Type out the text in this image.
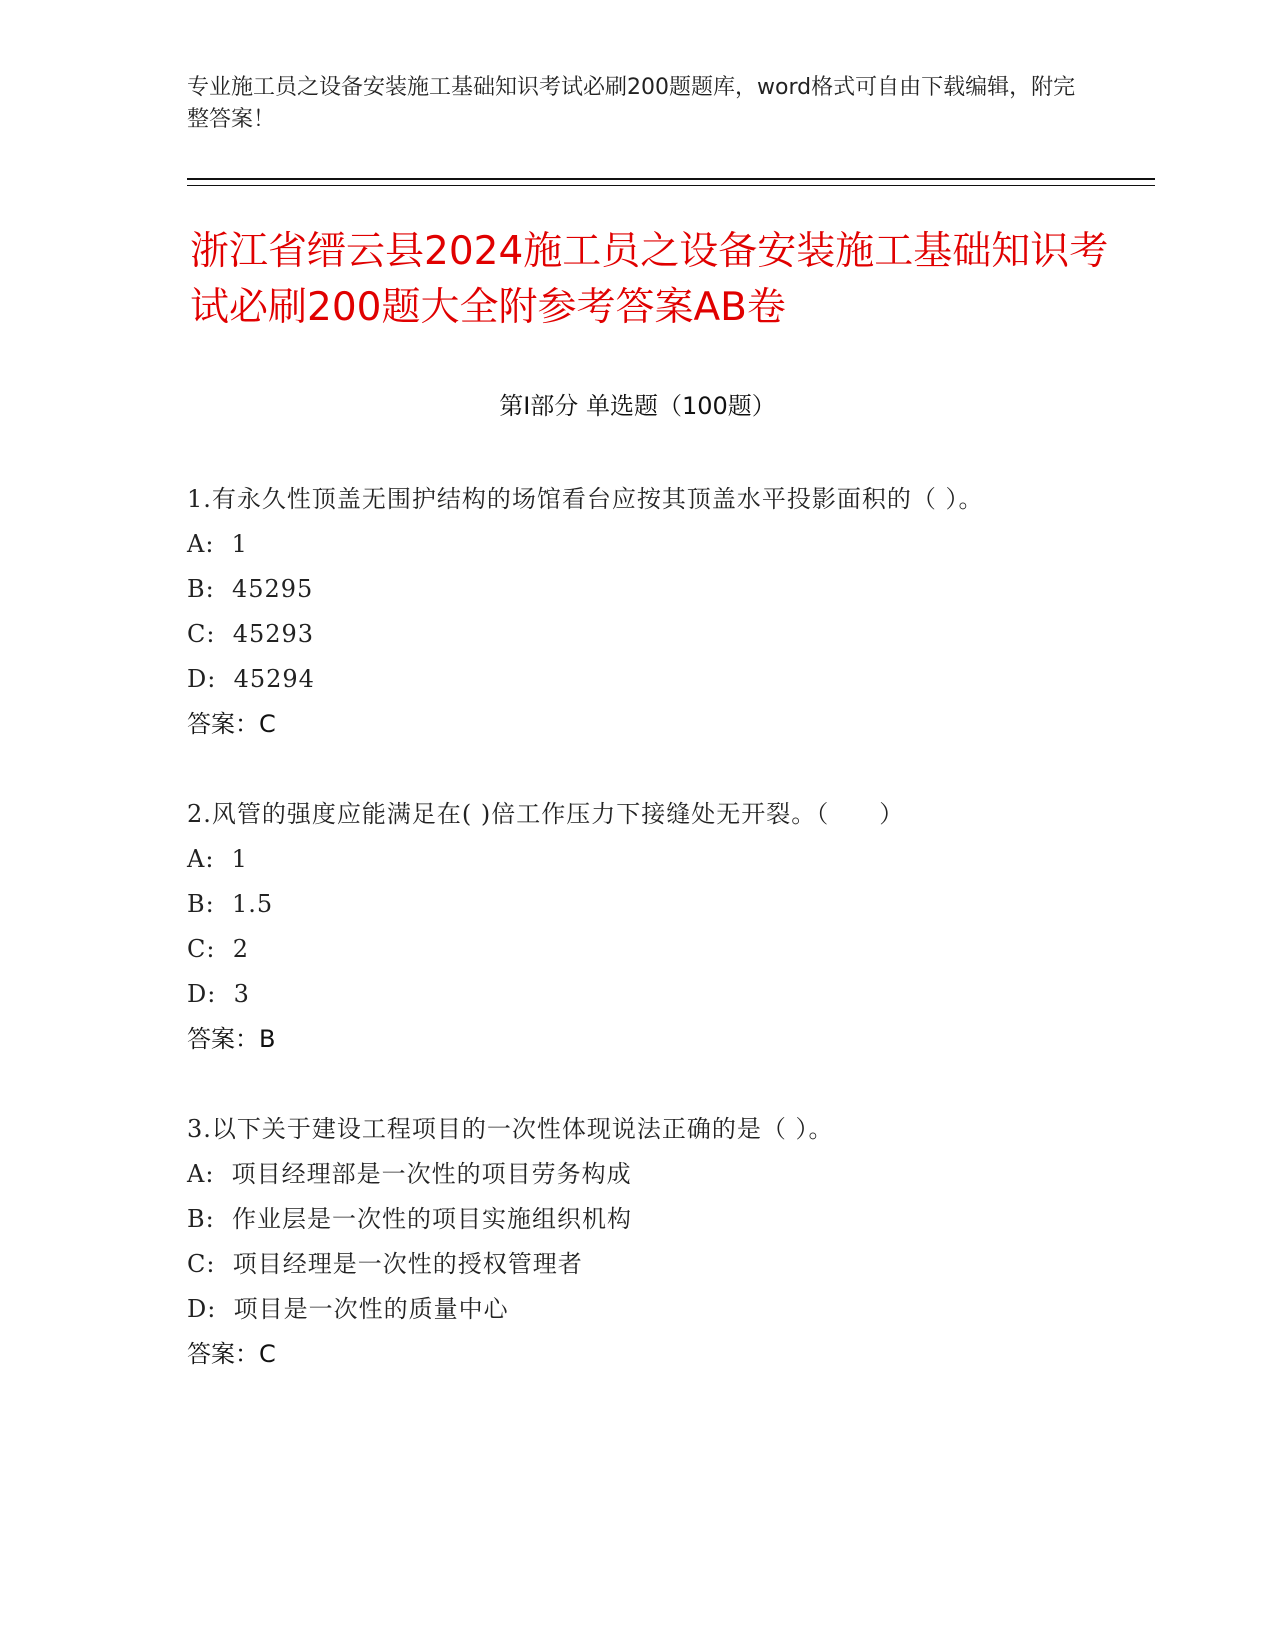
专业施工员之设备安装施工基础知识考试必刷200题题库，word格式可自由下载编辑，附完整答案！
浙江省缙云县2024施工员之设备安装施工基础知识考试必刷200题大全附参考答案AB卷
第Ⅰ部分 单选题（100题）
1.有永久性顶盖无围护结构的场馆看台应按其顶盖水平投影面积的（ ）。
A:  1
B:  45295
C:  45293
D:  45294
答案：C
2.风管的强度应能满足在( )倍工作压力下接缝处无开裂。（　　）
A:  1
B:  1.5
C:  2
D:  3
答案：B
3.以下关于建设工程项目的一次性体现说法正确的是（ ）。
A:  项目经理部是一次性的项目劳务构成
B:  作业层是一次性的项目实施组织机构
C:  项目经理是一次性的授权管理者
D:  项目是一次性的质量中心
答案：C
